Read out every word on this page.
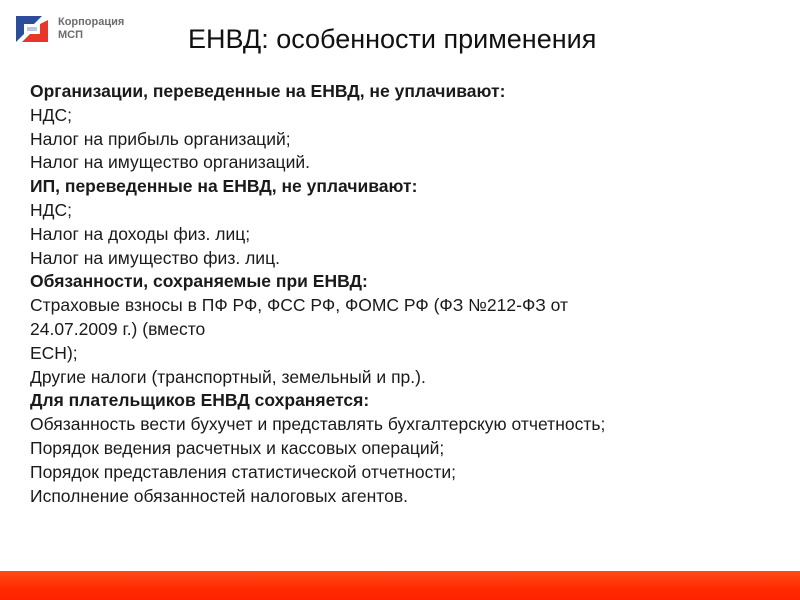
Корпорация
МСП	ЕНВД: особенности применения
Организации, переведенные на ЕНВД, не уплачивают:
НДС;
Налог на прибыль организаций;
Налог на имущество организаций.
ИП, переведенные на ЕНВД, не уплачивают:
НДС;
Налог на доходы физ. лиц;
Налог на имущество физ. лиц.
Обязанности, сохраняемые при ЕНВД:
Страховые взносы в ПФ РФ, ФСС РФ, ФОМС РФ (ФЗ №212-ФЗ от
24.07.2009 г.) (вместо
ЕСН);
Другие налоги (транспортный, земельный и пр.).
Для плательщиков ЕНВД сохраняется:
Обязанность вести бухучет и представлять бухгалтерскую отчетность;
Порядок ведения расчетных и кассовых операций;
Порядок представления статистической отчетности;
Исполнение обязанностей налоговых агентов.
